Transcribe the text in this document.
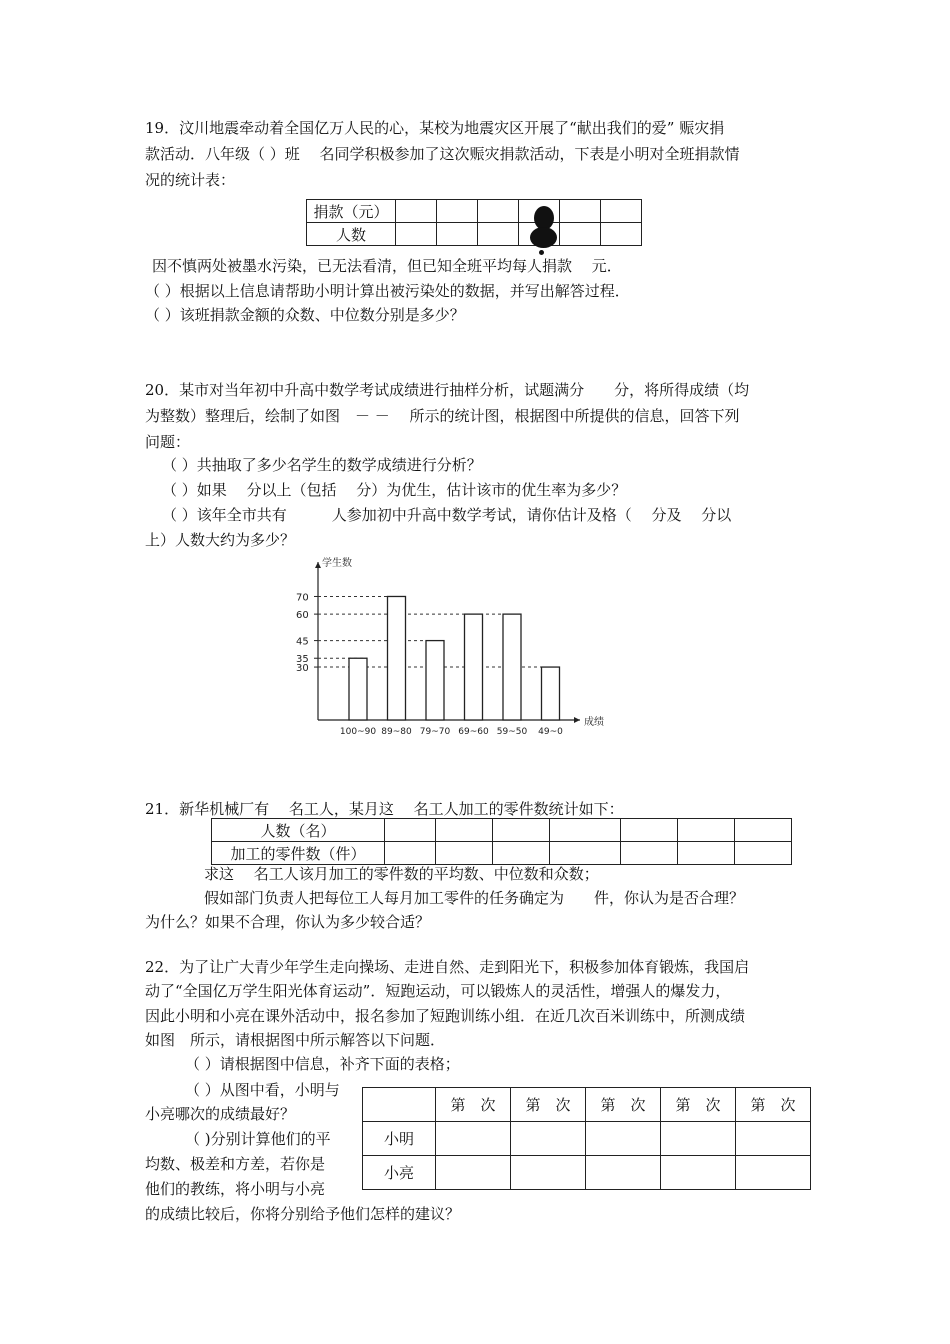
19．汶川地震牵动着全国亿万人民的心，某校为地震灾区开展了“献出我们的爱” 赈灾捐
款活动．八年级（ ）班　 名同学积极参加了这次赈灾捐款活动，下表是小明对全班捐款情
况的统计表：
捐款（元）						
人数						
因不慎两处被墨水污染，已无法看清，但已知全班平均每人捐款　 元．
（ ）根据以上信息请帮助小明计算出被污染处的数据，并写出解答过程．
（ ）该班捐款金额的众数、中位数分别是多少？
20．某市对当年初中升高中数学考试成绩进行抽样分析，试题满分　　分，将所得成绩（均
为整数）整理后，绘制了如图　－ －　 所示的统计图，根据图中所提供的信息，回答下列
问题：
（ ）共抽取了多少名学生的数学成绩进行分析？
（ ）如果　 分以上（包括　 分）为优生，估计该市的优生率为多少？
（ ）该年全市共有　　　人参加初中升高中数学考试，请你估计及格（　 分及　 分以
上）人数大约为多少？
学生数
成绩
70
60
45
35
30
100~90 89~80 79~70 69~60 59~50 49~0
21．新华机械厂有　 名工人，某月这　 名工人加工的零件数统计如下：
人数（名）							
加工的零件数（件）							
求这　 名工人该月加工的零件数的平均数、中位数和众数；
假如部门负责人把每位工人每月加工零件的任务确定为　　件，你认为是否合理？
为什么？如果不合理，你认为多少较合适？
22．为了让广大青少年学生走向操场、走进自然、走到阳光下，积极参加体育锻炼，我国启
动了“全国亿万学生阳光体育运动”．短跑运动，可以锻炼人的灵活性，增强人的爆发力，
因此小明和小亮在课外活动中，报名参加了短跑训练小组．在近几次百米训练中，所测成绩
如图　所示，请根据图中所示解答以下问题．
（ ）请根据图中信息，补齐下面的表格；
（ ）从图中看，小明与
小亮哪次的成绩最好？
（ )分别计算他们的平
均数、极差和方差，若你是
他们的教练，将小明与小亮
的成绩比较后，你将分别给予他们怎样的建议？
	第　次	第　次	第　次	第　次	第　次
小明					
小亮					
